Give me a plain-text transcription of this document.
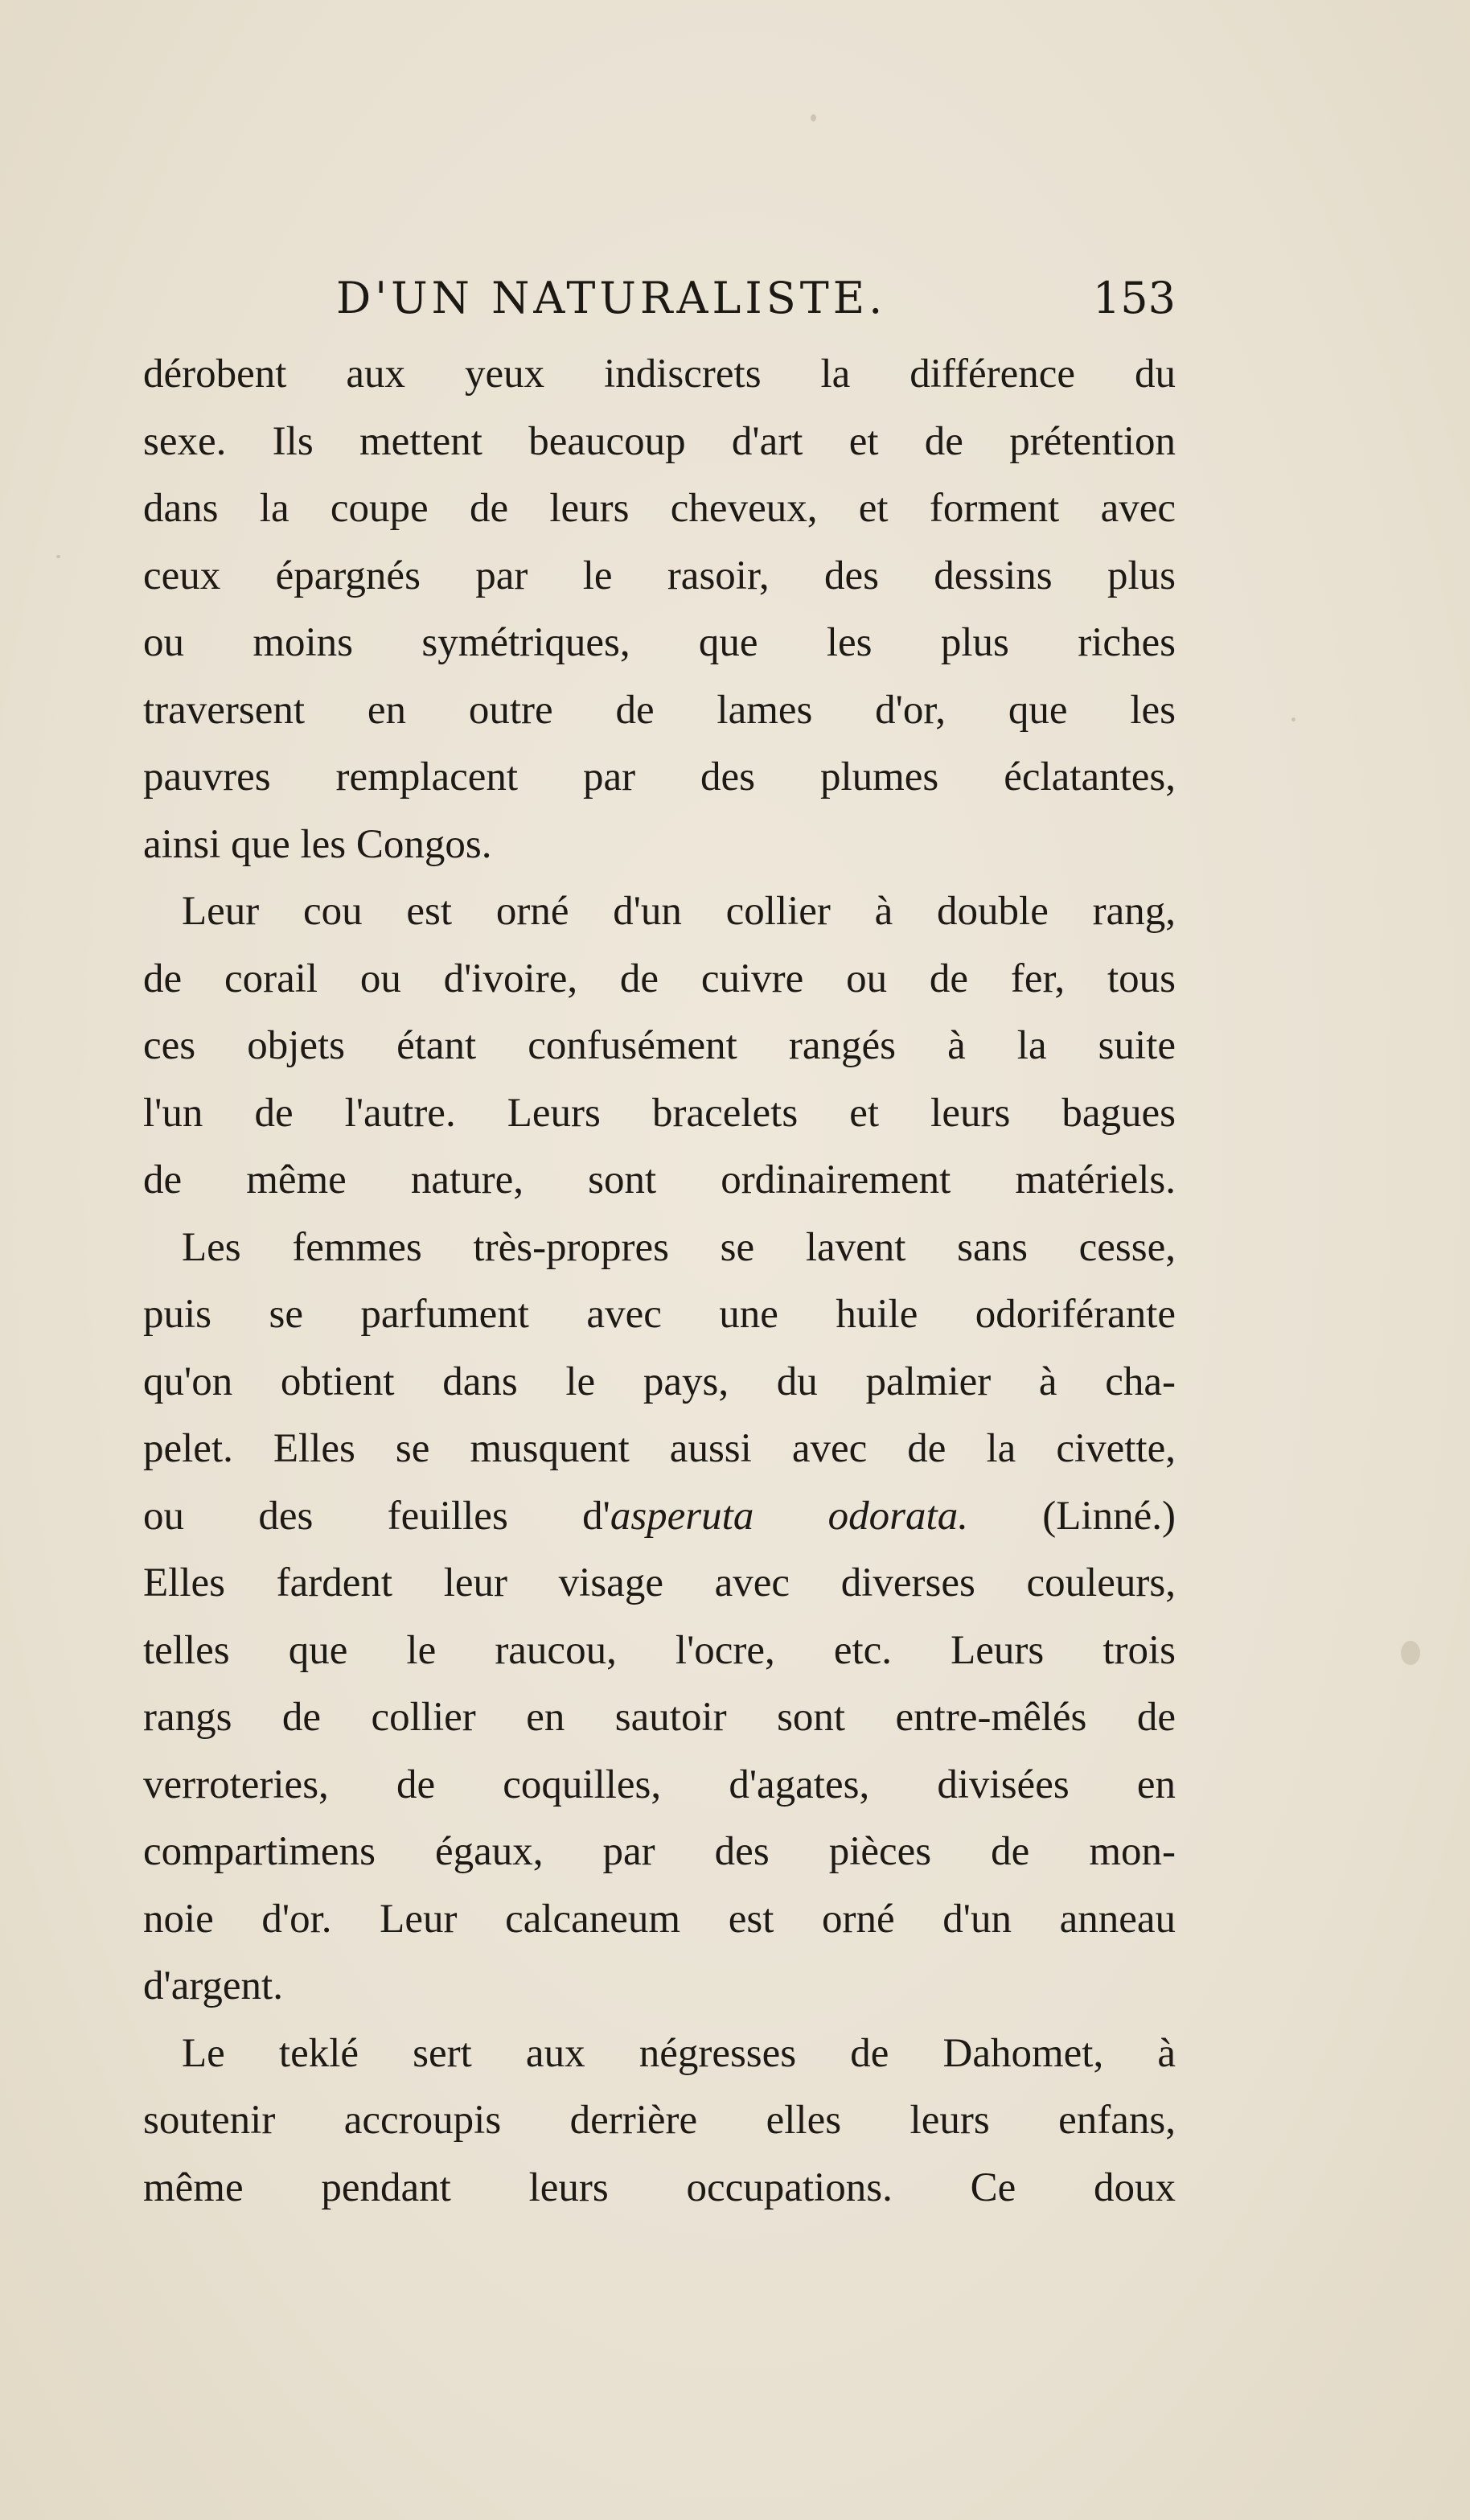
D'UN NATURALISTE.	153
dérobent aux yeux indiscrets la différence du
sexe. Ils mettent beaucoup d'art et de prétention
dans la coupe de leurs cheveux, et forment avec
ceux épargnés par le rasoir, des dessins plus
ou moins symétriques, que les plus riches
traversent en outre de lames d'or, que les
pauvres remplacent par des plumes éclatantes,
ainsi que les Congos.
Leur cou est orné d'un collier à double rang,
de corail ou d'ivoire, de cuivre ou de fer, tous
ces objets étant confusément rangés à la suite
l'un de l'autre. Leurs bracelets et leurs bagues
de même nature, sont ordinairement matériels.
Les femmes très-propres se lavent sans cesse,
puis se parfument avec une huile odoriférante
qu'on obtient dans le pays, du palmier à cha-
pelet. Elles se musquent aussi avec de la civette,
ou des feuilles d'asperuta odorata. (Linné.)
Elles fardent leur visage avec diverses couleurs,
telles que le raucou, l'ocre, etc. Leurs trois
rangs de collier en sautoir sont entre-mêlés de
verroteries, de coquilles, d'agates, divisées en
compartimens égaux, par des pièces de mon-
noie d'or. Leur calcaneum est orné d'un anneau
d'argent.
Le teklé sert aux négresses de Dahomet, à
soutenir accroupis derrière elles leurs enfans,
même pendant leurs occupations. Ce doux
